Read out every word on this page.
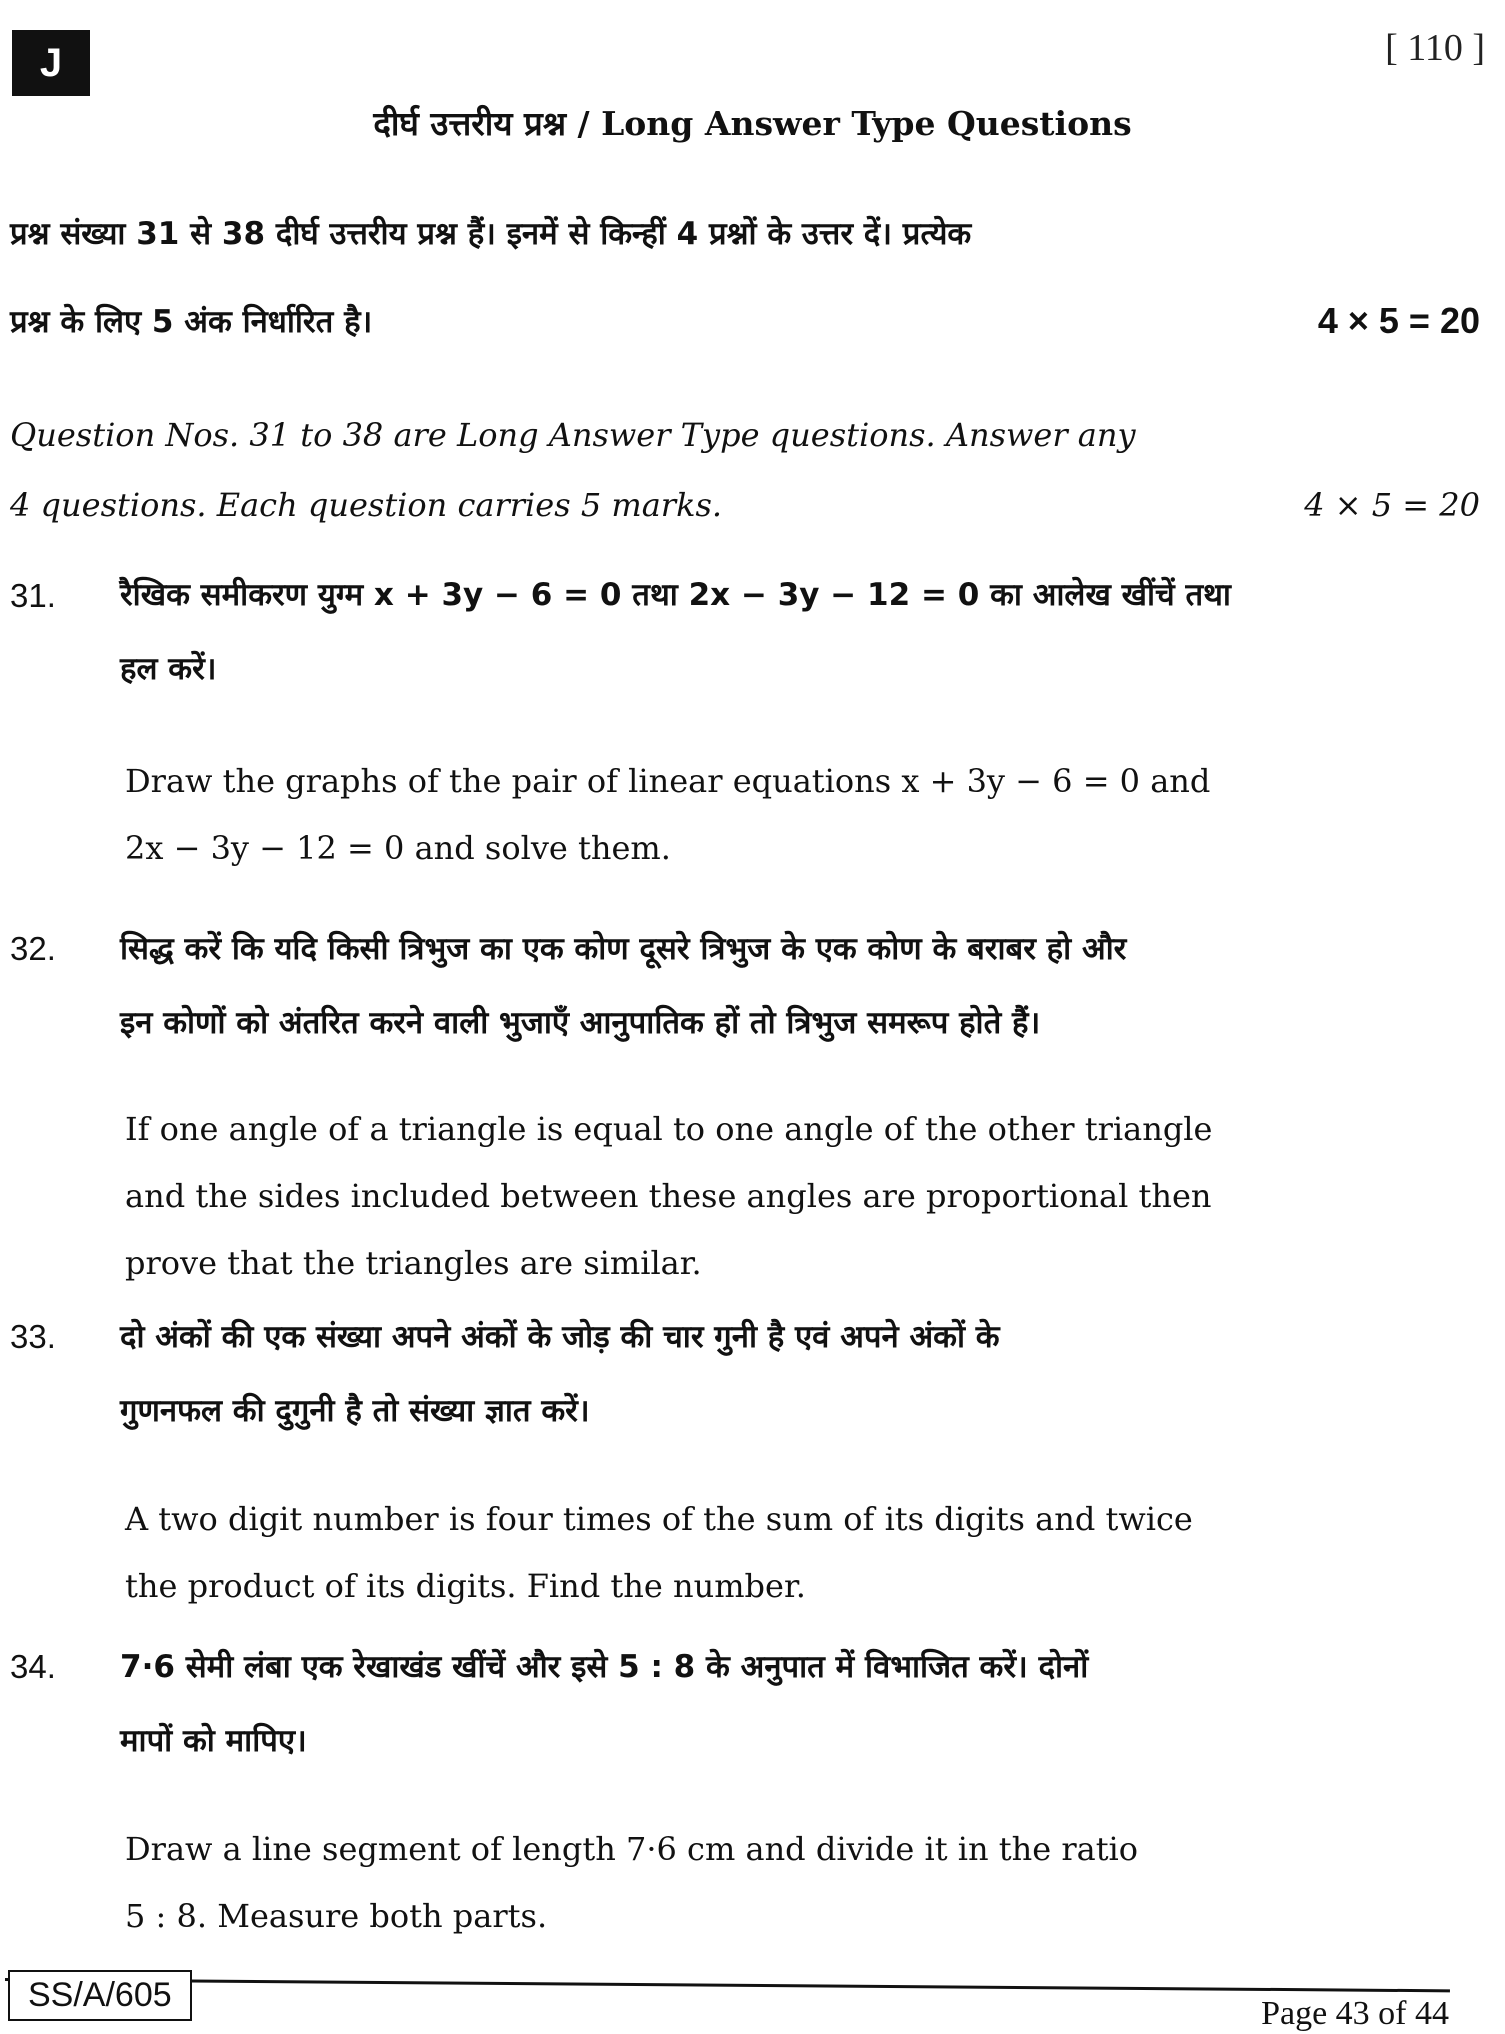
J	[ 110 ]
दीर्घ उत्तरीय प्रश्न / Long Answer Type Questions
प्रश्न संख्या 31 से 38 दीर्घ उत्तरीय प्रश्न हैं। इनमें से किन्हीं 4 प्रश्नों के उत्तर दें। प्रत्येक
प्रश्न के लिए 5 अंक निर्धारित है।	4 × 5 = 20
Question Nos. 31 to 38 are Long Answer Type questions. Answer any
4 questions. Each question carries 5 marks.	4 × 5 = 20
31. रैखिक समीकरण युग्म x + 3y − 6 = 0 तथा 2x − 3y − 12 = 0 का आलेख खींचें तथा
हल करें।
Draw the graphs of the pair of linear equations x + 3y − 6 = 0 and
2x − 3y − 12 = 0 and solve them.
32. सिद्ध करें कि यदि किसी त्रिभुज का एक कोण दूसरे त्रिभुज के एक कोण के बराबर हो और
इन कोणों को अंतरित करने वाली भुजाएँ आनुपातिक हों तो त्रिभुज समरूप होते हैं।
If one angle of a triangle is equal to one angle of the other triangle
and the sides included between these angles are proportional then
prove that the triangles are similar.
33. दो अंकों की एक संख्या अपने अंकों के जोड़ की चार गुनी है एवं अपने अंकों के
गुणनफल की दुगुनी है तो संख्या ज्ञात करें।
A two digit number is four times of the sum of its digits and twice
the product of its digits. Find the number.
34. 7·6 सेमी लंबा एक रेखाखंड खींचें और इसे 5 : 8 के अनुपात में विभाजित करें। दोनों
मापों को मापिए।
Draw a line segment of length 7·6 cm and divide it in the ratio
5 : 8. Measure both parts.
SS/A/605	Page 43 of 44
